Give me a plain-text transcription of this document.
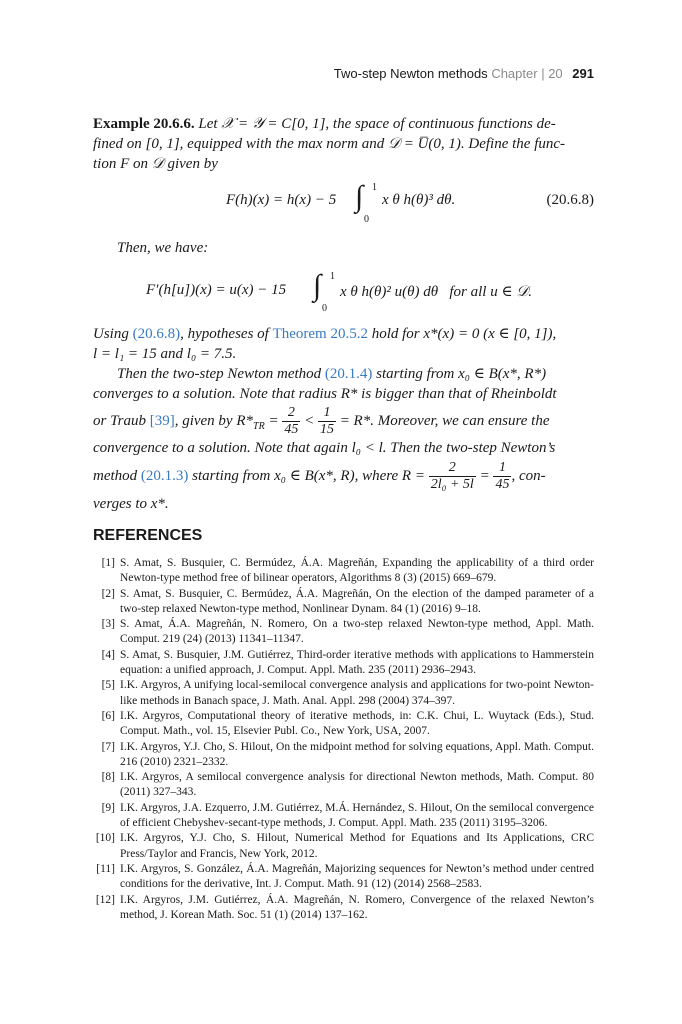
Two-step Newton methods Chapter | 20 291
Example 20.6.6. Let 𝒳 = 𝒴 = C[0, 1], the space of continuous functions de-
fined on [0, 1], equipped with the max norm and 𝒟 = U̅(0, 1). Define the func-
tion F on 𝒟 given by
F(h)(x) = h(x) − 5 ∫ 1
0
x θ h(θ)³ dθ.	(20.6.8)
Then, we have:
F′(h[u])(x) = u(x) − 15 ∫ 1
0
x θ h(θ)² u(θ) dθ   for all u ∈ 𝒟.
Using (20.6.8), hypotheses of Theorem 20.5.2 hold for x*(x) = 0 (x ∈ [0, 1]),
l = l₁ = 15 and l₀ = 7.5.
Then the two-step Newton method (20.1.4) starting from x₀ ∈ B(x*, R*)
converges to a solution. Note that radius R* is bigger than that of Rheinboldt
or Traub [39], given by $R*_{TR} = \frac{2}{45} < \frac{1}{15} = R*$. Moreover, we can ensure the
convergence to a solution. Note that again l₀ < l. Then the two-step Newton’s
method (20.1.3) starting from x₀ ∈ B(x*, R), where $R = \frac{2}{\text{2l₀ + 5l}} = \frac{1}{45}$ , con-
verges to x*.
REFERENCES
[1] S. Amat, S. Busquier, C. Bermúdez, Á.A. Magreñán, Expanding the applicability of a third order Newton-type method free of bilinear operators, Algorithms 8 (3) (2015) 669–679.
[2] S. Amat, S. Busquier, C. Bermúdez, Á.A. Magreñán, On the election of the damped parameter of a two-step relaxed Newton-type method, Nonlinear Dynam. 84 (1) (2016) 9–18.
[3] S. Amat, Á.A. Magreñán, N. Romero, On a two-step relaxed Newton-type method, Appl. Math. Comput. 219 (24) (2013) 11341–11347.
[4] S. Amat, S. Busquier, J.M. Gutiérrez, Third-order iterative methods with applications to Hammerstein equation: a unified approach, J. Comput. Appl. Math. 235 (2011) 2936–2943.
[5] I.K. Argyros, A unifying local-semilocal convergence analysis and applications for two-point Newton-like methods in Banach space, J. Math. Anal. Appl. 298 (2004) 374–397.
[6] I.K. Argyros, Computational theory of iterative methods, in: C.K. Chui, L. Wuytack (Eds.), Stud. Comput. Math., vol. 15, Elsevier Publ. Co., New York, USA, 2007.
[7] I.K. Argyros, Y.J. Cho, S. Hilout, On the midpoint method for solving equations, Appl. Math. Comput. 216 (2010) 2321–2332.
[8] I.K. Argyros, A semilocal convergence analysis for directional Newton methods, Math. Comput. 80 (2011) 327–343.
[9] I.K. Argyros, J.A. Ezquerro, J.M. Gutiérrez, M.Á. Hernández, S. Hilout, On the semilocal convergence of efficient Chebyshev-secant-type methods, J. Comput. Appl. Math. 235 (2011) 3195–3206.
[10] I.K. Argyros, Y.J. Cho, S. Hilout, Numerical Method for Equations and Its Applications, CRC Press/Taylor and Francis, New York, 2012.
[11] I.K. Argyros, S. González, Á.A. Magreñán, Majorizing sequences for Newton’s method under centred conditions for the derivative, Int. J. Comput. Math. 91 (12) (2014) 2568–2583.
[12] I.K. Argyros, J.M. Gutiérrez, Á.A. Magreñán, N. Romero, Convergence of the relaxed Newton’s method, J. Korean Math. Soc. 51 (1) (2014) 137–162.
